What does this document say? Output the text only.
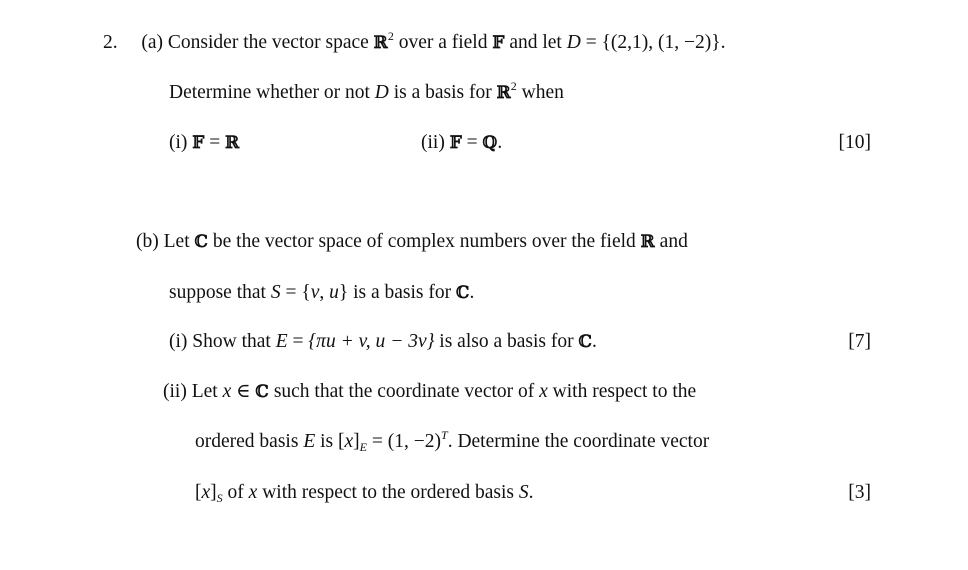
2. (a) Consider the vector space ℝ$^2$ over a field 𝔽 and let D = {(2,1), (1, −2)}.
Determine whether or not D is a basis for ℝ$^2$ when
(i) 𝔽 = ℝ	(ii) 𝔽 = ℚ.	[10]
(b) Let ℂ be the vector space of complex numbers over the field ℝ and
suppose that S = {v, u} is a basis for ℂ.
(i) Show that E = {πu + v, u − 3v} is also a basis for ℂ.	[7]
(ii) Let x ∈ ℂ such that the coordinate vector of x with respect to the
ordered basis E is $[x]_E = (1$, −2)$^T$. Determine the coordinate vector
$[x]_S$ of x with respect to the ordered basis S.	[3]
